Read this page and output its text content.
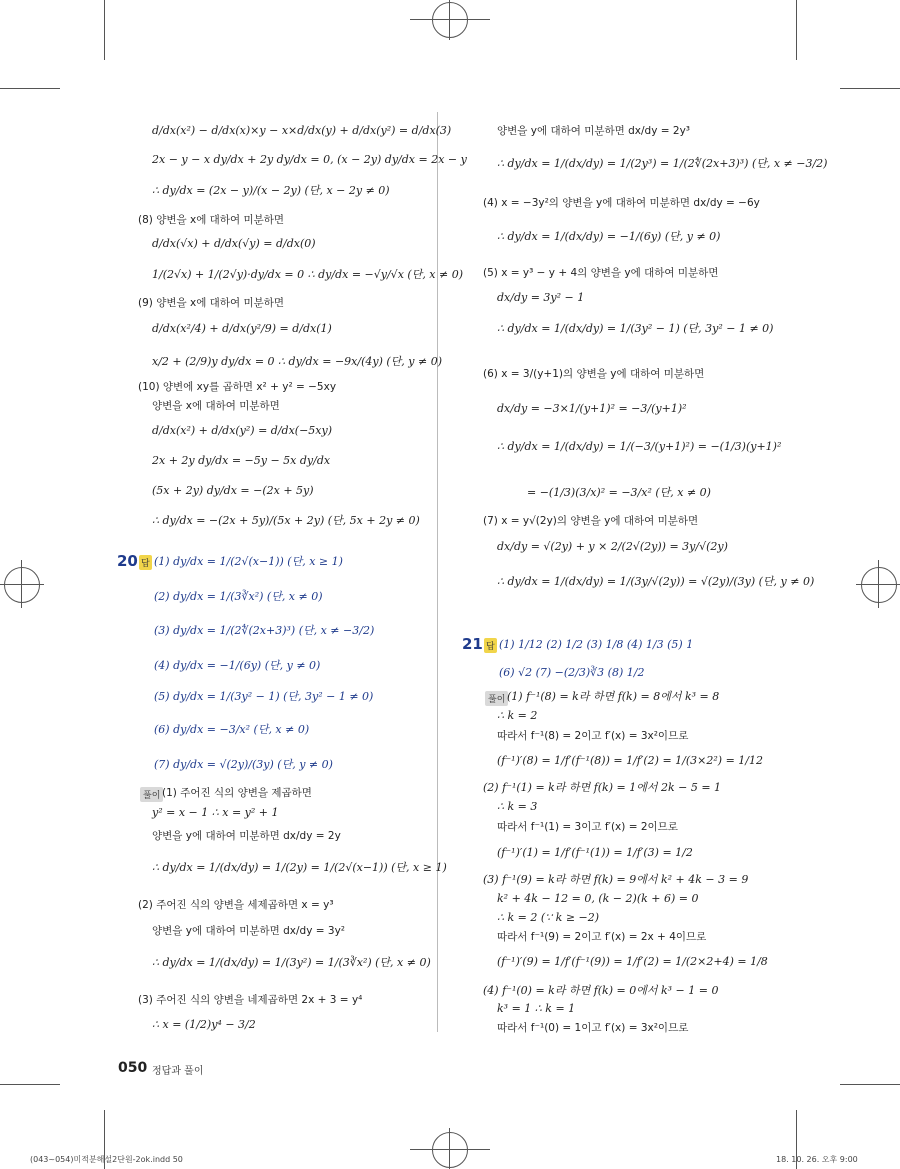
d/dx(x²) − d/dx(x)×y − x×d/dx(y) + d/dx(y²) = d/dx(3)
2x − y − x dy/dx + 2y dy/dx = 0, (x − 2y) dy/dx = 2x − y
∴ dy/dx = (2x − y)/(x − 2y) (단, x − 2y ≠ 0)
(8) 양변을 x에 대하여 미분하면
d/dx(√x) + d/dx(√y) = d/dx(0)
1/(2√x) + 1/(2√y)·dy/dx = 0 ∴ dy/dx = −√y/√x (단, x ≠ 0)
(9) 양변을 x에 대하여 미분하면
d/dx(x²/4) + d/dx(y²/9) = d/dx(1)
x/2 + (2/9)y dy/dx = 0 ∴ dy/dx = −9x/(4y) (단, y ≠ 0)
(10) 양변에 xy를 곱하면 x² + y² = −5xy
양변을 x에 대하여 미분하면
d/dx(x²) + d/dx(y²) = d/dx(−5xy)
2x + 2y dy/dx = −5y − 5x dy/dx
(5x + 2y) dy/dx = −(2x + 5y)
∴ dy/dx = −(2x + 5y)/(5x + 2y) (단, 5x + 2y ≠ 0)
20 답 (1) dy/dx = 1/(2√(x−1)) (단, x ≥ 1)
(2) dy/dx = 1/(3∛x²) (단, x ≠ 0)
(3) dy/dx = 1/(2∜(2x+3)³) (단, x ≠ −3/2)
(4) dy/dx = −1/(6y) (단, y ≠ 0)
(5) dy/dx = 1/(3y² − 1) (단, 3y² − 1 ≠ 0)
(6) dy/dx = −3/x² (단, x ≠ 0)
(7) dy/dx = √(2y)/(3y) (단, y ≠ 0)
풀이 (1) 주어진 식의 양변을 제곱하면
y² = x − 1 ∴ x = y² + 1
양변을 y에 대하여 미분하면 dx/dy = 2y
∴ dy/dx = 1/(dx/dy) = 1/(2y) = 1/(2√(x−1)) (단, x ≥ 1)
(2) 주어진 식의 양변을 세제곱하면 x = y³
양변을 y에 대하여 미분하면 dx/dy = 3y²
∴ dy/dx = 1/(dx/dy) = 1/(3y²) = 1/(3∛x²) (단, x ≠ 0)
(3) 주어진 식의 양변을 네제곱하면 2x + 3 = y⁴
∴ x = (1/2)y⁴ − 3/2
양변을 y에 대하여 미분하면 dx/dy = 2y³
∴ dy/dx = 1/(dx/dy) = 1/(2y³) = 1/(2∜(2x+3)³) (단, x ≠ −3/2)
(4) x = −3y²의 양변을 y에 대하여 미분하면 dx/dy = −6y
∴ dy/dx = 1/(dx/dy) = −1/(6y) (단, y ≠ 0)
(5) x = y³ − y + 4의 양변을 y에 대하여 미분하면
dx/dy = 3y² − 1
∴ dy/dx = 1/(dx/dy) = 1/(3y² − 1) (단, 3y² − 1 ≠ 0)
(6) x = 3/(y+1)의 양변을 y에 대하여 미분하면
dx/dy = −3×1/(y+1)² = −3/(y+1)²
∴ dy/dx = 1/(dx/dy) = 1/(−3/(y+1)²) = −(1/3)(y+1)²
= −(1/3)(3/x)² = −3/x² (단, x ≠ 0)
(7) x = y√(2y)의 양변을 y에 대하여 미분하면
dx/dy = √(2y) + y × 2/(2√(2y)) = 3y/√(2y)
∴ dy/dx = 1/(dx/dy) = 1/(3y/√(2y)) = √(2y)/(3y) (단, y ≠ 0)
21 답 (1) 1/12 (2) 1/2 (3) 1/8 (4) 1/3 (5) 1
(6) √2 (7) −(2/3)∛3 (8) 1/2
풀이 (1) f⁻¹(8) = k라 하면 f(k) = 8에서 k³ = 8
∴ k = 2
따라서 f⁻¹(8) = 2이고 f′(x) = 3x²이므로
(f⁻¹)′(8) = 1/f′(f⁻¹(8)) = 1/f′(2) = 1/(3×2²) = 1/12
(2) f⁻¹(1) = k라 하면 f(k) = 1에서 2k − 5 = 1
∴ k = 3
따라서 f⁻¹(1) = 3이고 f′(x) = 2이므로
(f⁻¹)′(1) = 1/f′(f⁻¹(1)) = 1/f′(3) = 1/2
(3) f⁻¹(9) = k라 하면 f(k) = 9에서 k² + 4k − 3 = 9
k² + 4k − 12 = 0, (k − 2)(k + 6) = 0
∴ k = 2 (∵ k ≥ −2)
따라서 f⁻¹(9) = 2이고 f′(x) = 2x + 4이므로
(f⁻¹)′(9) = 1/f′(f⁻¹(9)) = 1/f′(2) = 1/(2×2+4) = 1/8
(4) f⁻¹(0) = k라 하면 f(k) = 0에서 k³ − 1 = 0
k³ = 1 ∴ k = 1
따라서 f⁻¹(0) = 1이고 f′(x) = 3x²이므로
050 정답과 풀이
(043~054)미적분해설2단원-2ok.indd 50	18. 10. 26. 오후 9:00
